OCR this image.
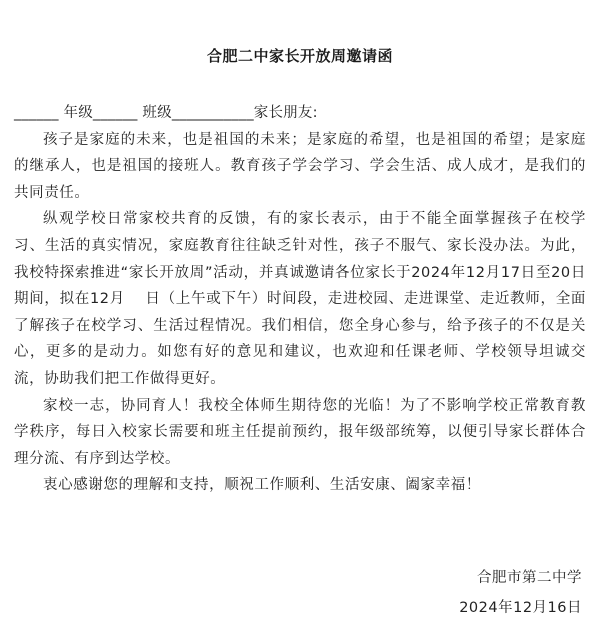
合肥二中家长开放周邀请函

______ 年级______ 班级___________家长朋友:

孩子是家庭的未来，也是祖国的未来；是家庭的希望，也是祖国的希望；是家庭的继承人，也是祖国的接班人。教育孩子学会学习、学会生活、成人成才，是我们的共同责任。

纵观学校日常家校共育的反馈，有的家长表示，由于不能全面掌握孩子在校学习、生活的真实情况，家庭教育往往缺乏针对性，孩子不服气、家长没办法。为此，我校特探索推进“家长开放周”活动，并真诚邀请各位家长于2024年12月17日至20日期间，拟在12月　 日（上午或下午）时间段，走进校园、走进课堂、走近教师，全面了解孩子在校学习、生活过程情况。我们相信，您全身心参与，给予孩子的不仅是关心，更多的是动力。如您有好的意见和建议，也欢迎和任课老师、学校领导坦诚交流，协助我们把工作做得更好。

家校一志，协同育人！我校全体师生期待您的光临！为了不影响学校正常教育教学秩序，每日入校家长需要和班主任提前预约，报年级部统筹，以便引导家长群体合理分流、有序到达学校。

衷心感谢您的理解和支持，顺祝工作顺利、生活安康、阖家幸福！

合肥市第二中学
2024年12月16日
